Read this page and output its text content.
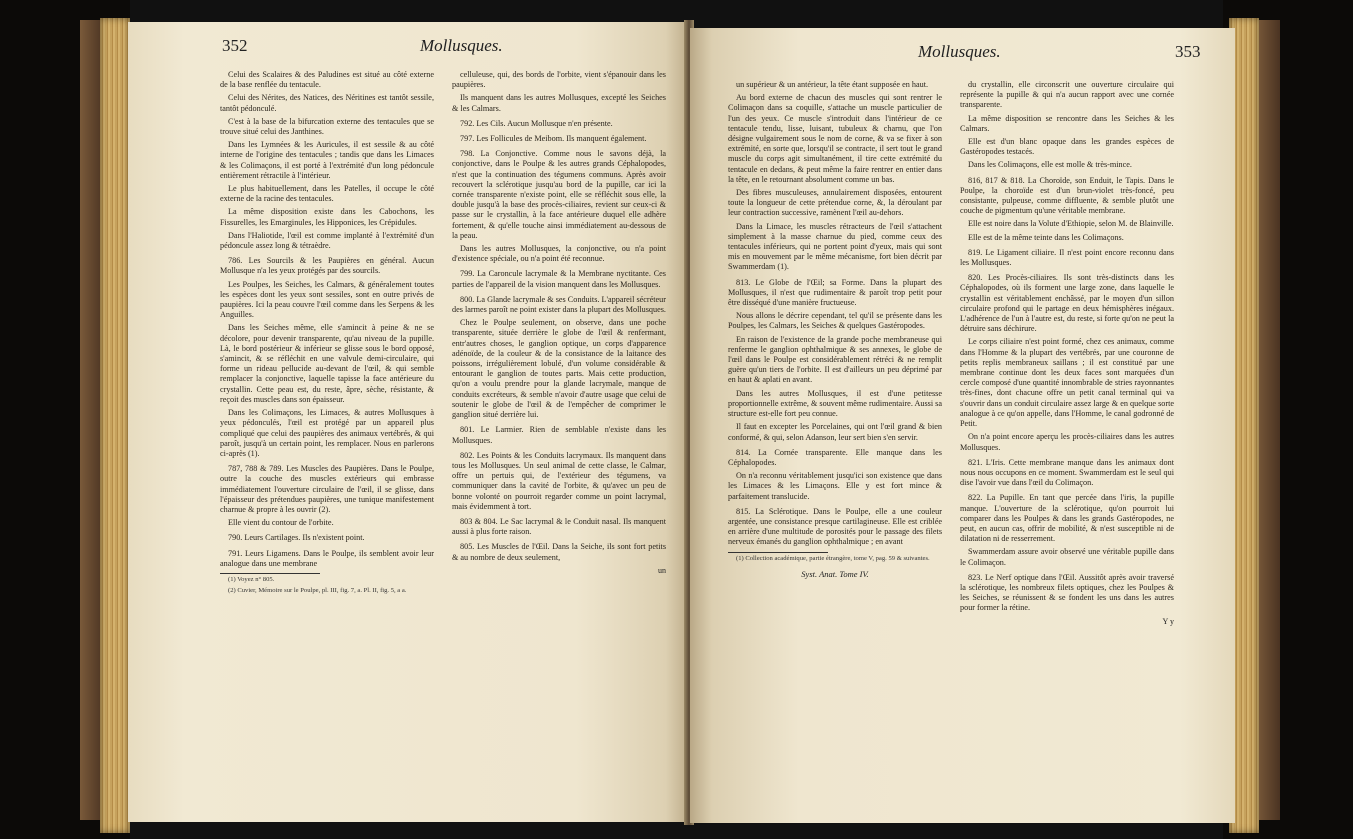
352	Mollusques.

Celui des Scalaires & des Paludines est situé au côté externe de la base renflée du tentacule.

Celui des Nérites, des Natices, des Néritines est tantôt sessile, tantôt pédonculé.

C'est à la base de la bifurcation externe des tentacules que se trouve situé celui des Janthines.

Dans les Lymnées & les Auricules, il est sessile & au côté interne de l'origine des tentacules ; tandis que dans les Limaces & les Colimaçons, il est porté à l'extrémité d'un long pédoncule entièrement rétractile à l'intérieur.

Le plus habituellement, dans les Patelles, il occupe le côté externe de la racine des tentacules.

La même disposition existe dans les Cabochons, les Fissurelles, les Emarginules, les Hipponices, les Crépidules.

Dans l'Haliotide, l'œil est comme implanté à l'extrémité d'un pédoncule assez long & tétraèdre.

786. Les Sourcils & les Paupières en général. Aucun Mollusque n'a les yeux protégés par des sourcils.

Les Poulpes, les Seiches, les Calmars, & généralement toutes les espèces dont les yeux sont sessiles, sont en outre privés de paupières. Ici la peau couvre l'œil comme dans les Serpens & les Anguilles.

Dans les Seiches même, elle s'amincit à peine & ne se décolore, pour devenir transparente, qu'au niveau de la pupille. Là, le bord postérieur & inférieur se glisse sous le bord opposé, s'amincit, & se réfléchit en une valvule demi-circulaire, qui forme un rideau pellucide au-devant de l'œil, & qui semble remplacer la conjonctive, laquelle tapisse la face antérieure du crystallin. Cette peau est, du reste, âpre, sèche, résistante, & reçoit des muscles dans son épaisseur.

Dans les Colimaçons, les Limaces, & autres Mollusques à yeux pédonculés, l'œil est protégé par un appareil plus compliqué que celui des paupières des animaux vertébrés, & qui paroît, jusqu'à un certain point, les remplacer. Nous en parlerons ci-après (1).

787, 788 & 789. Les Muscles des Paupières. Dans le Poulpe, outre la couche des muscles extérieurs qui embrasse immédiatement l'ouverture circulaire de l'œil, il se glisse, dans l'épaisseur des prétendues paupières, une tunique manifestement charnue & propre à les ouvrir (2).

Elle vient du contour de l'orbite.

790. Leurs Cartilages. Ils n'existent point.

791. Leurs Ligamens. Dans le Poulpe, ils semblent avoir leur analogue dans une membrane

(1) Voyez n° 805.

(2) Cuvier, Mémoire sur le Poulpe, pl. III, fig. 7, a. Pl. II, fig. 5, a a.

celluleuse, qui, des bords de l'orbite, vient s'épanouir dans les paupières.

Ils manquent dans les autres Mollusques, excepté les Seiches & les Calmars.

792. Les Cils. Aucun Mollusque n'en présente.

797. Les Follicules de Meibom. Ils manquent également.

798. La Conjonctive. Comme nous le savons déjà, la conjonctive, dans le Poulpe & les autres grands Céphalopodes, n'est que la continuation des tégumens communs. Après avoir recouvert la sclérotique jusqu'au bord de la pupille, car ici la cornée transparente n'existe point, elle se réfléchit sous elle, la double jusqu'à la base des procès-ciliaires, revient sur ceux-ci & passe sur le crystallin, à la face antérieure duquel elle adhère fortement, & qu'elle touche ainsi immédiatement au-dessous de la peau.

Dans les autres Mollusques, la conjonctive, ou n'a point d'existence spéciale, ou n'a point été reconnue.

799. La Caroncule lacrymale & la Membrane nyctitante. Ces parties de l'appareil de la vision manquent dans les Mollusques.

800. La Glande lacrymale & ses Conduits. L'appareil sécréteur des larmes paroît ne point exister dans la plupart des Mollusques.

Chez le Poulpe seulement, on observe, dans une poche transparente, située derrière le globe de l'œil & renfermant, entr'autres choses, le ganglion optique, un corps d'apparence adénoïde, de la couleur & de la consistance de la laitance des poissons, irrégulièrement lobulé, d'un volume considérable & entourant le ganglion de toutes parts. Mais cette production, qu'on a voulu prendre pour la glande lacrymale, manque de conduits excréteurs, & semble n'avoir d'autre usage que celui de soutenir le globe de l'œil & de l'empêcher de comprimer le ganglion situé derrière lui.

801. Le Larmier. Rien de semblable n'existe dans les Mollusques.

802. Les Points & les Conduits lacrymaux. Ils manquent dans tous les Mollusques. Un seul animal de cette classe, le Calmar, offre un pertuis qui, de l'extérieur des tégumens, va communiquer dans la cavité de l'orbite, & qu'avec un peu de bonne volonté on pourroit regarder comme un point lacrymal, mais évidemment à tort.

803 & 804. Le Sac lacrymal & le Conduit nasal. Ils manquent aussi à plus forte raison.

805. Les Muscles de l'Œil. Dans la Seiche, ils sont fort petits & au nombre de deux seulement,

un
Mollusques.	353

un supérieur & un antérieur, la tête étant supposée en haut.

Au bord externe de chacun des muscles qui sont rentrer le Colimaçon dans sa coquille, s'attache un muscle particulier de l'un des yeux. Ce muscle s'introduit dans l'intérieur de ce tentacule tendu, lisse, luisant, tubuleux & charnu, que l'on désigne vulgairement sous le nom de corne, & va se fixer à son extrémité, en sorte que, lorsqu'il se contracte, il sert tout le grand muscle du corps agit simultanément, il tire cette extrémité du tentacule en dedans, & peut même la faire rentrer en entier dans la tête, en le retournant absolument comme un bas.

Des fibres musculeuses, annulairement disposées, entourent toute la longueur de cette prétendue corne, &, la déroulant par leur contraction successive, ramènent l'œil au-dehors.

Dans la Limace, les muscles rétracteurs de l'œil s'attachent simplement à la masse charnue du pied, comme ceux des tentacules inférieurs, qui ne portent point d'yeux, mais qui sont mis en mouvement par le même mécanisme, fort bien décrit par Swammerdam (1).

813. Le Globe de l'Œil; sa Forme. Dans la plupart des Mollusques, il n'est que rudimentaire & paroît trop petit pour être disséqué d'une manière fructueuse.

Nous allons le décrire cependant, tel qu'il se présente dans les Poulpes, les Calmars, les Seiches & quelques Gastéropodes.

En raison de l'existence de la grande poche membraneuse qui renferme le ganglion ophthalmique & ses annexes, le globe de l'œil dans le Poulpe est considérablement rétréci & ne remplit guère qu'un tiers de l'orbite. Il est d'ailleurs un peu déprimé par en haut & aplati en avant.

Dans les autres Mollusques, il est d'une petitesse proportionnelle extrême, & souvent même rudimentaire. Aussi sa structure est-elle fort peu connue.

Il faut en excepter les Porcelaines, qui ont l'œil grand & bien conformé, & qui, selon Adanson, leur sert bien s'en servir.

814. La Cornée transparente. Elle manque dans les Céphalopodes.

On n'a reconnu véritablement jusqu'ici son existence que dans les Limaces & les Limaçons. Elle y est fort mince & parfaitement translucide.

815. La Sclérotique. Dans le Poulpe, elle a une couleur argentée, une consistance presque cartilagineuse. Elle est criblée en arrière d'une multitude de porosités pour le passage des filets nerveux émanés du ganglion ophthalmique ; en avant

(1) Collection académique, partie étrangère, tome V, pag. 59 & suivantes.

Syst. Anat. Tome IV.

du crystallin, elle circonscrit une ouverture circulaire qui représente la pupille & qui n'a aucun rapport avec une cornée transparente.

La même disposition se rencontre dans les Seiches & les Calmars.

Elle est d'un blanc opaque dans les grandes espèces de Gastéropodes testacés.

Dans les Colimaçons, elle est molle & très-mince.

816, 817 & 818. La Choroïde, son Enduit, le Tapis. Dans le Poulpe, la choroïde est d'un brun-violet très-foncé, peu consistante, pulpeuse, comme diffluente, & semble plutôt une couche de pigmentum qu'une véritable membrane.

Elle est noire dans la Volute d'Ethiopie, selon M. de Blainville.

Elle est de la même teinte dans les Colimaçons.

819. Le Ligament ciliaire. Il n'est point encore reconnu dans les Mollusques.

820. Les Procès-ciliaires. Ils sont très-distincts dans les Céphalopodes, où ils forment une large zone, dans laquelle le crystallin est véritablement enchâssé, par le moyen d'un sillon circulaire profond qui le partage en deux hémisphères inégaux. L'adhérence de l'un à l'autre est, du reste, si forte qu'on ne peut la détruire sans déchirure.

Le corps ciliaire n'est point formé, chez ces animaux, comme dans l'Homme & la plupart des vertébrés, par une couronne de petits replis membraneux saillans ; il est constitué par une membrane continue dont les deux faces sont marquées d'un cercle composé d'une quantité innombrable de stries rayonnantes très-fines, dont chacune offre un petit canal terminal qui va s'ouvrir dans un conduit circulaire assez large & en quelque sorte analogue à ce qu'on appelle, dans l'Homme, le canal godronné de Petit.

On n'a point encore aperçu les procès-ciliaires dans les autres Mollusques.

821. L'Iris. Cette membrane manque dans les animaux dont nous nous occupons en ce moment. Swammerdam est le seul qui dise l'avoir vue dans l'œil du Colimaçon.

822. La Pupille. En tant que percée dans l'iris, la pupille manque. L'ouverture de la sclérotique, qu'on pourroit lui comparer dans les Poulpes & dans les grands Gastéropodes, ne peut, en aucun cas, offrir de mobilité, & n'est susceptible ni de dilatation ni de resserrement.

Swammerdam assure avoir observé une véritable pupille dans le Colimaçon.

823. Le Nerf optique dans l'Œil. Aussitôt après avoir traversé la sclérotique, les nombreux filets optiques, chez les Poulpes & les Seiches, se réunissent & se fondent les uns dans les autres pour former la rétine.

Y y
